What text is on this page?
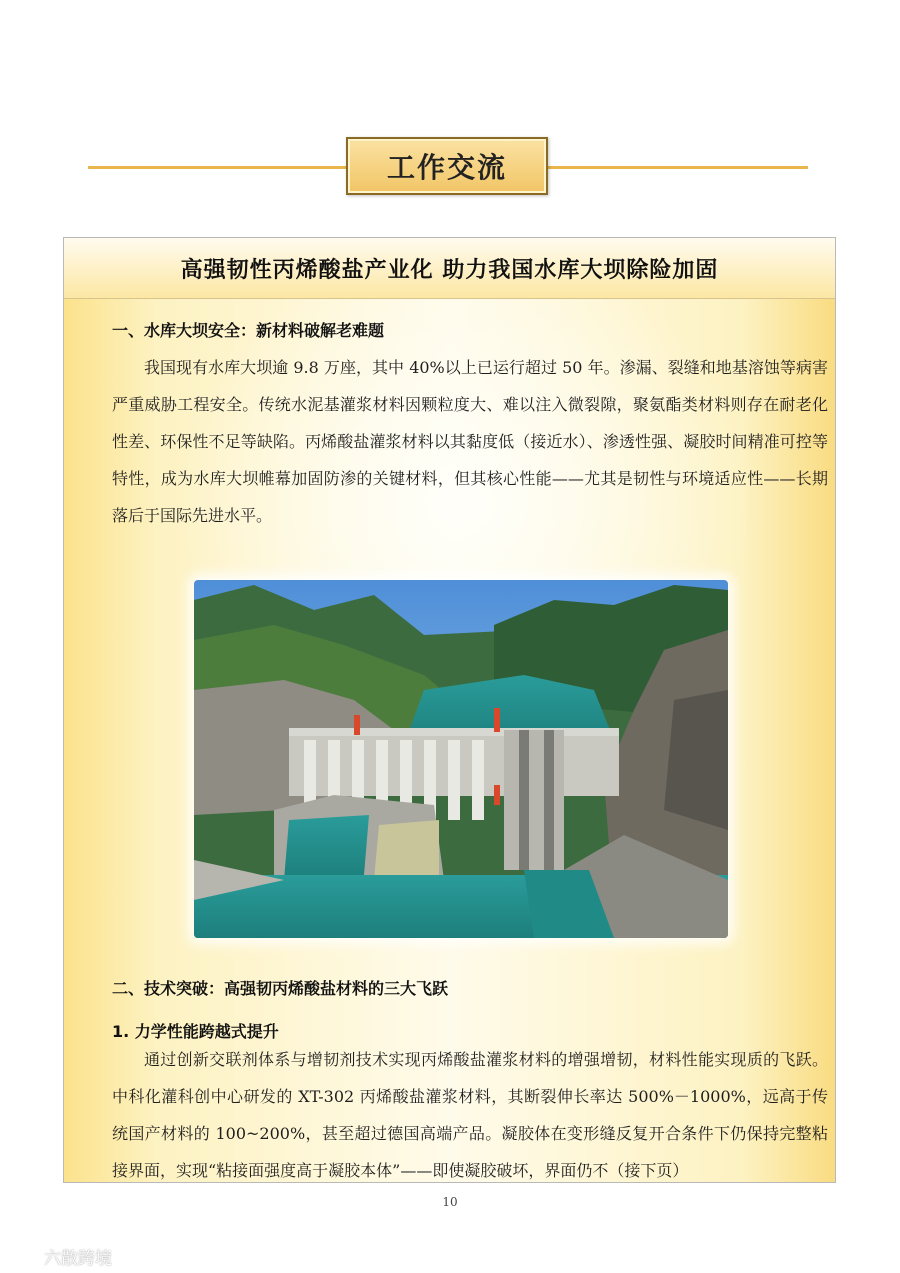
工作交流
高强韧性丙烯酸盐产业化 助力我国水库大坝除险加固
一、水库大坝安全：新材料破解老难题

我国现有水库大坝逾 9.8 万座，其中 40%以上已运行超过 50 年。渗漏、裂缝和地基溶蚀等病害严重威胁工程安全。传统水泥基灌浆材料因颗粒度大、难以注入微裂隙，聚氨酯类材料则存在耐老化性差、环保性不足等缺陷。丙烯酸盐灌浆材料以其黏度低（接近水）、渗透性强、凝胶时间精准可控等特性，成为水库大坝帷幕加固防渗的关键材料，但其核心性能——尤其是韧性与环境适应性——长期落后于国际先进水平。

二、技术突破：高强韧丙烯酸盐材料的三大飞跃
1. 力学性能跨越式提升

通过创新交联剂体系与增韧剂技术实现丙烯酸盐灌浆材料的增强增韧，材料性能实现质的飞跃。中科化灌科创中心研发的 XT-302 丙烯酸盐灌浆材料，其断裂伸长率达 500%－1000%，远高于传统国产材料的 100~200%，甚至超过德国高端产品。凝胶体在变形缝反复开合条件下仍保持完整粘接界面，实现“粘接面强度高于凝胶本体”——即使凝胶破坏，界面仍不（接下页）

10
六散跨境
